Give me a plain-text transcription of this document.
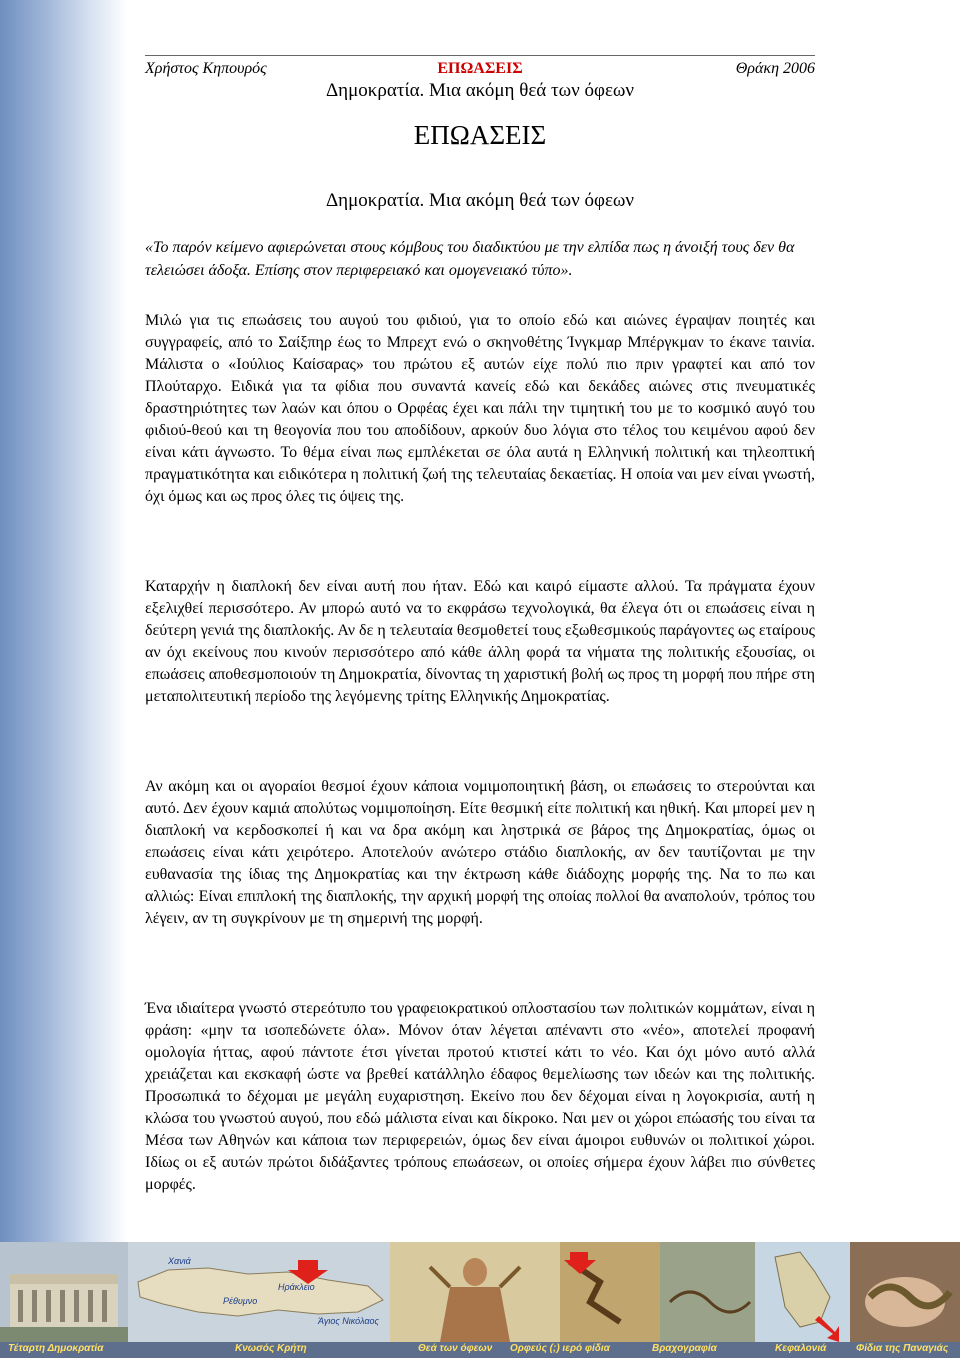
Χρήστος Κηπουρός	ΕΠΩΑΣΕΙΣ	Θράκη 2006
Δημοκρατία. Μια ακόμη θεά των όφεων
ΕΠΩΑΣΕΙΣ
Δημοκρατία. Μια ακόμη θεά των όφεων
«Το παρόν κείμενο αφιερώνεται στους κόμβους του διαδικτύου με την ελπίδα πως η άνοιξή τους δεν θα τελειώσει άδοξα. Επίσης στον περιφερειακό και ομογενειακό τύπο».
Μιλώ για τις επωάσεις του αυγού του φιδιού, για το οποίο εδώ και αιώνες έγραψαν ποιητές και συγγραφείς, από το Σαίξπηρ έως το Μπρεχτ ενώ ο σκηνοθέτης Ίνγκμαρ Μπέργκμαν το έκανε ταινία. Μάλιστα ο «Ιούλιος Καίσαρας» του πρώτου εξ αυτών είχε πολύ πιο πριν γραφτεί και από τον Πλούταρχο. Ειδικά για τα φίδια που συναντά κανείς εδώ και δεκάδες αιώνες στις πνευματικές δραστηριότητες των λαών και όπου ο Ορφέας έχει και πάλι την τιμητική του με το κοσμικό αυγό του φιδιού-θεού και τη θεογονία που του αποδίδουν, αρκούν δυο λόγια στο τέλος του κειμένου αφού δεν είναι κάτι άγνωστο. Το θέμα είναι πως εμπλέκεται σε όλα αυτά η Ελληνική πολιτική και τηλεοπτική πραγματικότητα και ειδικότερα η πολιτική ζωή της τελευταίας δεκαετίας. Η οποία ναι μεν είναι γνωστή, όχι όμως και ως προς όλες τις όψεις της.
Καταρχήν η διαπλοκή δεν είναι αυτή που ήταν. Εδώ και καιρό είμαστε αλλού. Τα πράγματα έχουν εξελιχθεί περισσότερο. Αν μπορώ αυτό να το εκφράσω τεχνολογικά, θα έλεγα ότι οι επωάσεις είναι η δεύτερη γενιά της διαπλοκής. Αν δε η τελευταία θεσμοθετεί τους εξωθεσμικούς παράγοντες ως εταίρους αν όχι εκείνους που κινούν περισσότερο από κάθε άλλη φορά τα νήματα της πολιτικής εξουσίας, οι επωάσεις αποθεσμοποιούν τη Δημοκρατία, δίνοντας τη χαριστική βολή ως προς τη μορφή που πήρε στη μεταπολιτευτική περίοδο της λεγόμενης τρίτης Ελληνικής Δημοκρατίας.
Αν ακόμη και οι αγοραίοι θεσμοί έχουν κάποια νομιμοποιητική βάση, οι επωάσεις το στερούνται και αυτό. Δεν έχουν καμιά απολύτως νομιμοποίηση. Είτε θεσμική είτε πολιτική και ηθική. Και μπορεί μεν η διαπλοκή να κερδοσκοπεί ή και να δρα ακόμη και ληστρικά σε βάρος της Δημοκρατίας, όμως οι επωάσεις είναι κάτι χειρότερο. Αποτελούν ανώτερο στάδιο διαπλοκής, αν δεν ταυτίζονται με την ευθανασία της ίδιας της Δημοκρατίας και την έκτρωση κάθε διάδοχης μορφής της. Να το πω και αλλιώς: Είναι επιπλοκή της διαπλοκής, την αρχική μορφή της οποίας πολλοί θα αναπολούν, τρόπος του λέγειν, αν τη συγκρίνουν με τη σημερινή της μορφή.
Ένα ιδιαίτερα γνωστό στερεότυπο του γραφειοκρατικού οπλοστασίου των πολιτικών κομμάτων, είναι η φράση: «μην τα ισοπεδώνετε όλα». Μόνον όταν λέγεται απέναντι στο «νέο», αποτελεί προφανή ομολογία ήττας, αφού πάντοτε έτσι γίνεται προτού κτιστεί κάτι το νέο. Και όχι μόνο αυτό αλλά χρειάζεται και εκσκαφή ώστε να βρεθεί κατάλληλο έδαφος θεμελίωσης των ιδεών και της πολιτικής. Προσωπικά το δέχομαι με μεγάλη ευχαριστηση. Εκείνο που δεν δέχομαι είναι η λογοκρισία, αυτή η κλώσα του γνωστού αυγού, που εδώ μάλιστα είναι και δίκροκο. Ναι μεν οι χώροι επώασής του είναι τα Μέσα των Αθηνών και κάποια των περιφερειών, όμως δεν είναι άμοιροι ευθυνών οι πολιτικοί χώροι. Ιδίως οι εξ αυτών πρώτοι διδάξαντες τρόπους επωάσεων, οι οποίες σήμερα έχουν λάβει πιο σύνθετες μορφές.
Χανιά
Ρέθυμνο
Ηράκλειο
Άγιος Νικόλαος
Τέταρτη Δημοκρατία	Κνωσός Κρήτη	Θεά των όφεων Ορφεύς (;) ιερό φίδια	Βραχογραφία	Κεφαλονιά	Φίδια της Παναγιάς
